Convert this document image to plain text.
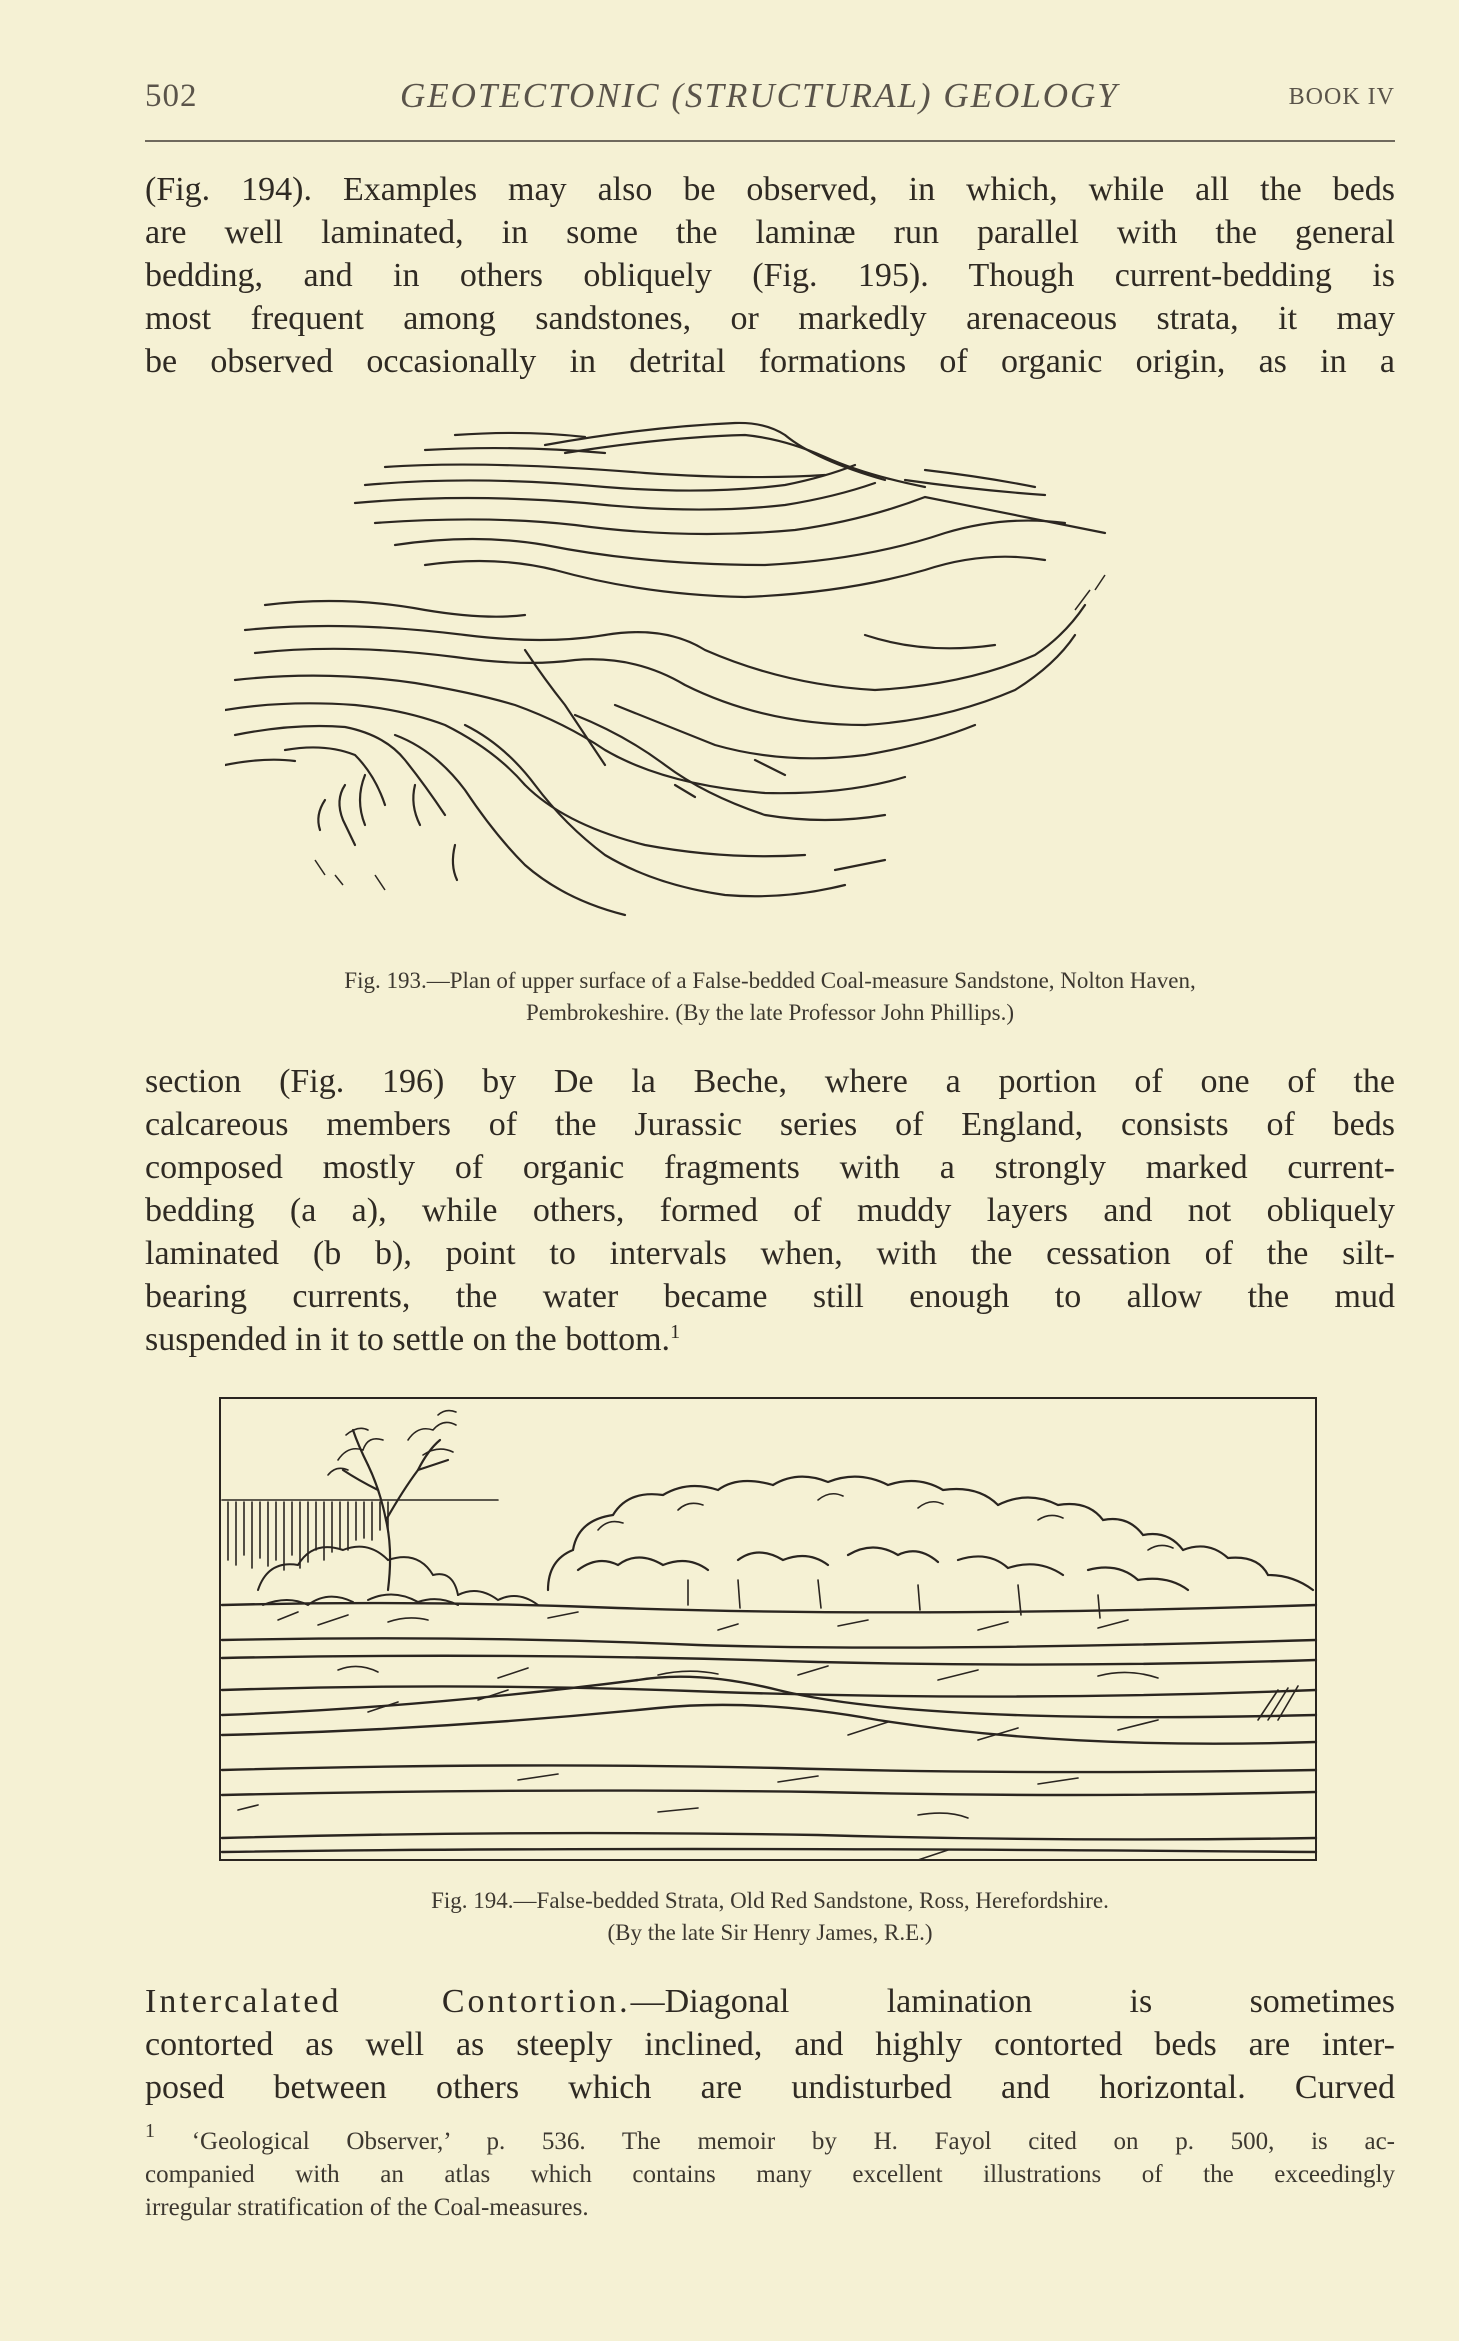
502	GEOTECTONIC (STRUCTURAL) GEOLOGY	BOOK IV
(Fig. 194). Examples may also be observed, in which, while all the beds
are well laminated, in some the laminæ run parallel with the general
bedding, and in others obliquely (Fig. 195). Though current-bedding is
most frequent among sandstones, or markedly arenaceous strata, it may
be observed occasionally in detrital formations of organic origin, as in a
Fig. 193.—Plan of upper surface of a False-bedded Coal-measure Sandstone, Nolton Haven,
Pembrokeshire. (By the late Professor John Phillips.)
section (Fig. 196) by De la Beche, where a portion of one of the
calcareous members of the Jurassic series of England, consists of beds
composed mostly of organic fragments with a strongly marked current-
bedding (a a), while others, formed of muddy layers and not obliquely
laminated (b b), point to intervals when, with the cessation of the silt-
bearing currents, the water became still enough to allow the mud
suspended in it to settle on the bottom.$^1$
Fig. 194.—False-bedded Strata, Old Red Sandstone, Ross, Herefordshire.
(By the late Sir Henry James, R.E.)
Intercalated Contortion.—Diagonal lamination is sometimes
contorted as well as steeply inclined, and highly contorted beds are inter-
posed between others which are undisturbed and horizontal. Curved
$^1$ ‘Geological Observer,’ p. 536. The memoir by H. Fayol cited on p. 500, is ac-
companied with an atlas which contains many excellent illustrations of the exceedingly
irregular stratification of the Coal-measures.
